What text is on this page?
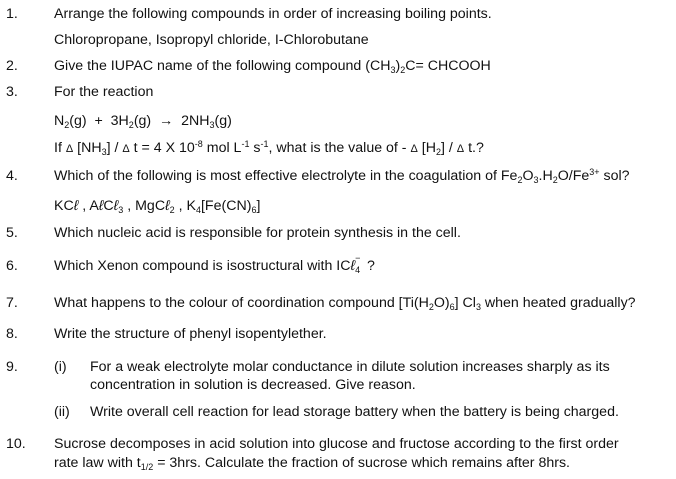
1.	Arrange the following compounds in order of increasing boiling points.
Chloropropane, Isopropyl chloride, I-Chlorobutane
2.	Give the IUPAC name of the following compound $(CH_3)_2C=$ CHCOOH
3.	For the reaction
$N_2(g) + 3H_2(g) \to 2NH_3(g)$
If Δ $[NH_3]$ / Δ t = 4 X $10^{-8}$ mol $L^{-1}$ $s^{-1}$, what is the value of - Δ $[H_2]$ / Δ t.?
4.	Which of the following is most effective electrolyte in the coagulation of $Fe_2O_3.H_2O/Fe^{3+}$ sol?
KCℓ , AℓCℓ$_3$ , MgCℓ$_2$ , $K_4[Fe(CN)_6]$
5.	Which nucleic acid is responsible for protein synthesis in the cell.
6.	Which Xenon compound is isostructural with ICℓ −
4 ?
7.	What happens to the colour of coordination compound $[Ti(H_2O)_6]$ $Cl_3$ when heated gradually?
8.	Write the structure of phenyl isopentylether.
9.	(i) For a weak electrolyte molar conductance in dilute solution increases sharply as its
concentration in solution is decreased. Give reason.
(ii) Write overall cell reaction for lead storage battery when the battery is being charged.
10. Sucrose decomposes in acid solution into glucose and fructose according to the first order
rate law with $t_{1/2} = 3hrs$. Calculate the fraction of sucrose which remains after 8hrs.
